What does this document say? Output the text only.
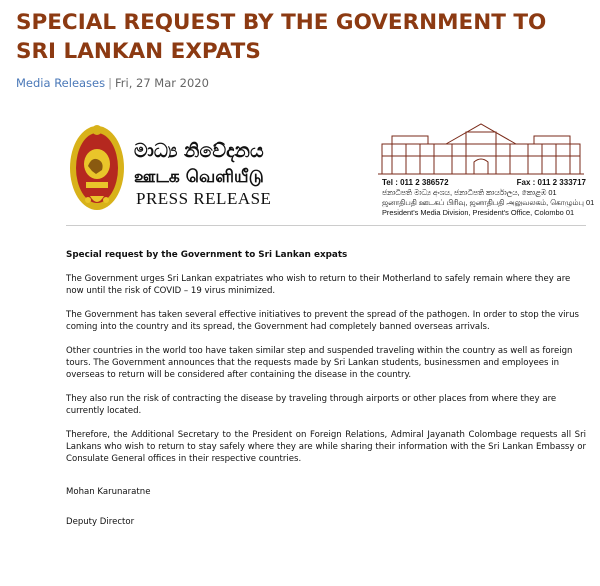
SPECIAL REQUEST BY THE GOVERNMENT TO SRI LANKAN EXPATS
Media Releases | Fri, 27 Mar 2020
මාධ්‍ය නිවේදනය
ஊடக வெளியீடு
PRESS RELEASE
Tel : 011 2 386572	Fax : 011 2 333717
ජනාධිපති මාධ්‍ය අංශය, ජනාධිපති කාර්යාලය, කොළඹ 01
ஜனாதிபதி ஊடகப் பிரிவு, ஜனாதிபதி அலுவலகம், கொழும்பு 01
President's Media Division, President's Office, Colombo 01
Special request by the Government to Sri Lankan expats

The Government urges Sri Lankan expatriates who wish to return to their Motherland to safely remain where they are now until the risk of COVID – 19 virus minimized.

The Government has taken several effective initiatives to prevent the spread of the pathogen. In order to stop the virus coming into the country and its spread, the Government had completely banned overseas arrivals.

Other countries in the world too have taken similar step and suspended traveling within the country as well as foreign tours. The Government announces that the requests made by Sri Lankan students, businessmen and employees in overseas to return will be considered after containing the disease in the country.

They also run the risk of contracting the disease by traveling through airports or other places from where they are currently located.

Therefore, the Additional Secretary to the President on Foreign Relations, Admiral Jayanath Colombage requests all Sri Lankans who wish to return to stay safely where they are while sharing their information with the Sri Lankan Embassy or Consulate General offices in their respective countries.

Mohan Karunaratne
Deputy Director
